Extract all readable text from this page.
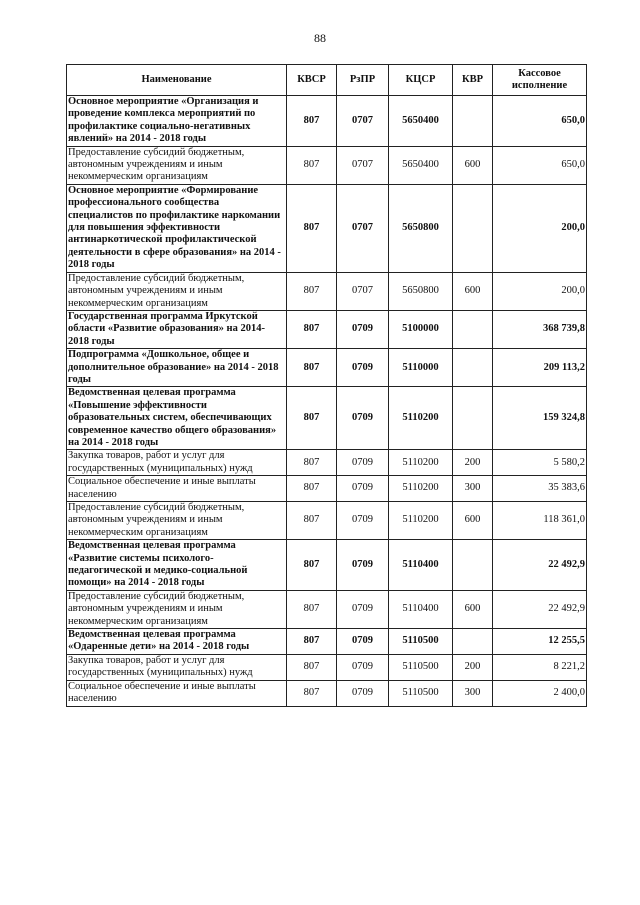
88
Наименование	КВСР	РзПР	КЦСР	КВР	Кассовое исполнение
Основное мероприятие «Организация и проведение комплекса мероприятий по профилактике социально-негативных явлений» на 2014 - 2018 годы	807	0707	5650400		650,0
Предоставление субсидий бюджетным, автономным учреждениям и иным некоммерческим организациям	807	0707	5650400	600	650,0
Основное мероприятие «Формирование профессионального сообщества специалистов по профилактике наркомании для повышения эффективности антинаркотической профилактической деятельности в сфере образования» на 2014 - 2018 годы	807	0707	5650800		200,0
Предоставление субсидий бюджетным, автономным учреждениям и иным некоммерческим организациям	807	0707	5650800	600	200,0
Государственная программа Иркутской области «Развитие образования» на 2014-2018 годы	807	0709	5100000		368 739,8
Подпрограмма «Дошкольное, общее и дополнительное образование» на 2014 - 2018 годы	807	0709	5110000		209 113,2
Ведомственная целевая программа «Повышение эффективности образовательных систем, обеспечивающих современное качество общего образования» на 2014 - 2018 годы	807	0709	5110200		159 324,8
Закупка товаров, работ и услуг для государственных (муниципальных) нужд	807	0709	5110200	200	5 580,2
Социальное обеспечение и иные выплаты населению	807	0709	5110200	300	35 383,6
Предоставление субсидий бюджетным, автономным учреждениям и иным некоммерческим организациям	807	0709	5110200	600	118 361,0
Ведомственная целевая программа «Развитие системы психолого-педагогической и медико-социальной помощи» на 2014 - 2018 годы	807	0709	5110400		22 492,9
Предоставление субсидий бюджетным, автономным учреждениям и иным некоммерческим организациям	807	0709	5110400	600	22 492,9
Ведомственная целевая программа «Одаренные дети» на 2014 - 2018 годы	807	0709	5110500		12 255,5
Закупка товаров, работ и услуг для государственных (муниципальных) нужд	807	0709	5110500	200	8 221,2
Социальное обеспечение и иные выплаты населению	807	0709	5110500	300	2 400,0
